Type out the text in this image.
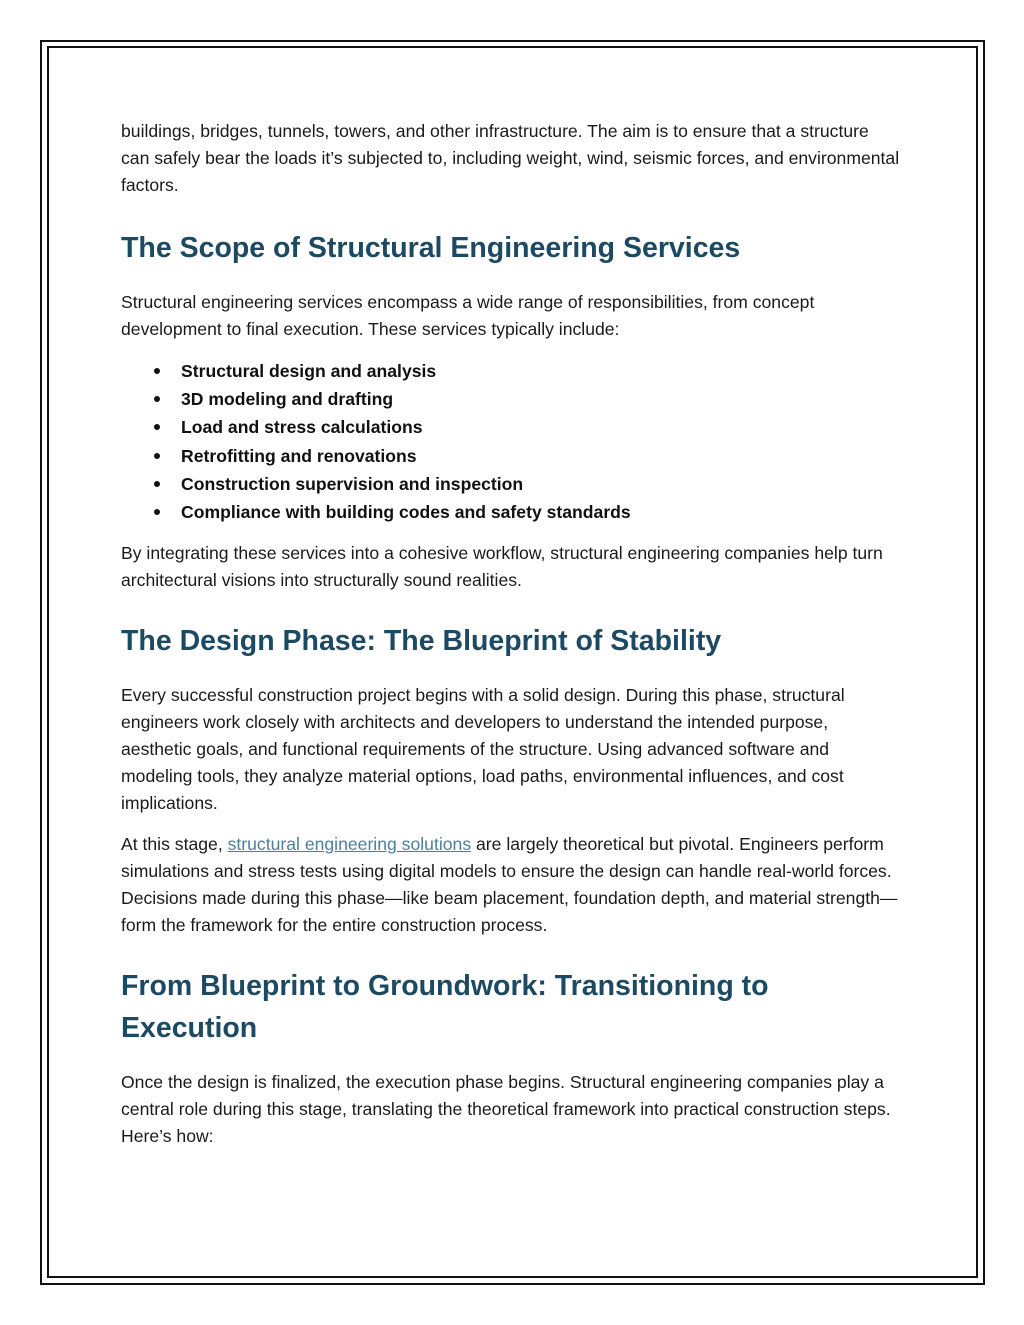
buildings, bridges, tunnels, towers, and other infrastructure. The aim is to ensure that a structure can safely bear the loads it’s subjected to, including weight, wind, seismic forces, and environmental factors.

The Scope of Structural Engineering Services

Structural engineering services encompass a wide range of responsibilities, from concept development to final execution. These services typically include:

Structural design and analysis
3D modeling and drafting
Load and stress calculations
Retrofitting and renovations
Construction supervision and inspection
Compliance with building codes and safety standards

By integrating these services into a cohesive workflow, structural engineering companies help turn architectural visions into structurally sound realities.

The Design Phase: The Blueprint of Stability

Every successful construction project begins with a solid design. During this phase, structural engineers work closely with architects and developers to understand the intended purpose, aesthetic goals, and functional requirements of the structure. Using advanced software and modeling tools, they analyze material options, load paths, environmental influences, and cost implications.

At this stage, structural engineering solutions are largely theoretical but pivotal. Engineers perform simulations and stress tests using digital models to ensure the design can handle real-world forces. Decisions made during this phase—like beam placement, foundation depth, and material strength—form the framework for the entire construction process.

From Blueprint to Groundwork: Transitioning to Execution

Once the design is finalized, the execution phase begins. Structural engineering companies play a central role during this stage, translating the theoretical framework into practical construction steps. Here’s how:
